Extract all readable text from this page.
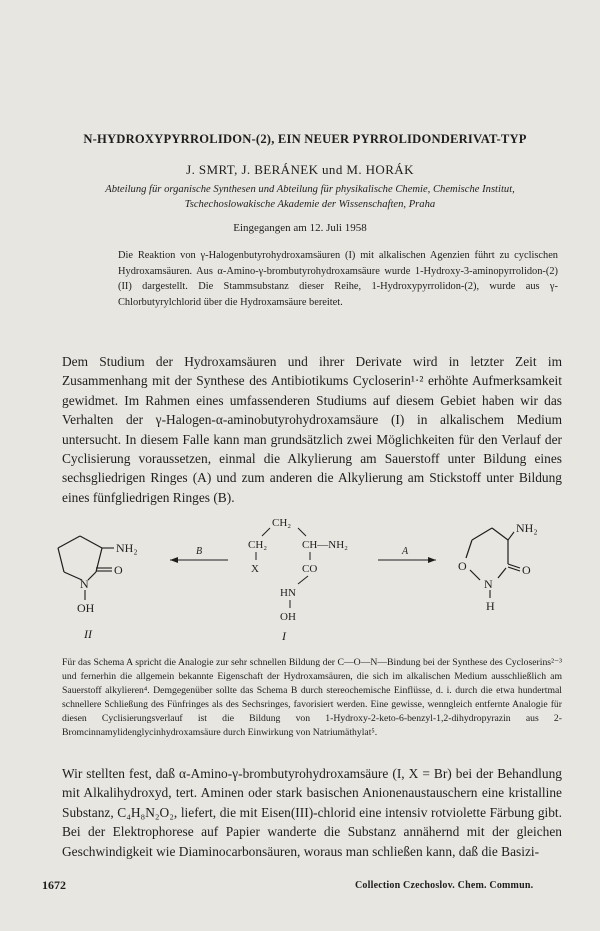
N-HYDROXYPYRROLIDON-(2), EIN NEUER PYRROLIDONDERIVAT-TYP
J. SMRT, J. BERÁNEK und M. HORÁK
Abteilung für organische Synthesen und Abteilung für physikalische Chemie, Chemische Institut,
Tschechoslowakische Akademie der Wissenschaften, Praha
Eingegangen am 12. Juli 1958

Die Reaktion von γ-Halogenbutyrohydroxamsäuren (I) mit alkalischen Agenzien führt zu cyclischen Hydroxamsäuren. Aus α-Amino-γ-brombutyrohydroxamsäure wurde 1-Hydroxy-3-aminopyrrolidon-(2) (II) dargestellt. Die Stammsubstanz dieser Reihe, 1-Hydroxypyrrolidon-(2), wurde aus γ-Chlorbutyrylchlorid über die Hydroxamsäure bereitet.

Dem Studium der Hydroxamsäuren und ihrer Derivate wird in letzter Zeit im Zusammenhang mit der Synthese des Antibiotikums Cycloserin¹·² erhöhte Aufmerksamkeit gewidmet. Im Rahmen eines umfassenderen Studiums auf diesem Gebiet haben wir das Verhalten der γ-Halogen-α-aminobutyrohydroxamsäure (I) in alkalischem Medium untersucht. In diesem Falle kann man grundsätzlich zwei Möglichkeiten für den Verlauf der Cyclisierung voraussetzen, einmal die Alkylierung am Sauerstoff unter Bildung eines sechsgliedrigen Ringes (A) und zum anderen die Alkylierung am Stickstoff unter Bildung eines fünfgliedrigen Ringes (B).

NH₂
O
N
OH
II
B
CH₂
CH₂	CH—NH₂
X	CO
HN
OH
I
A
NH₂
O
N
O
H

Für das Schema A spricht die Analogie zur sehr schnellen Bildung der C—O—N—Bindung bei der Synthese des Cycloserins²⁻³ und fernerhin die allgemein bekannte Eigenschaft der Hydroxamsäuren, die sich im alkalischen Medium ausschließlich am Sauerstoff alkylieren⁴. Demgegenüber sollte das Schema B durch stereochemische Einflüsse, d. i. durch die etwa hundertmal schnellere Schließung des Fünfringes als des Sechsringes, favorisiert werden. Eine gewisse, wennglеich entfernte Analogie für diesen Cyclisierungsverlauf ist die Bildung von 1-Hydroxy-2-keto-6-benzyl-1,2-dihydropyrazin aus 2-Bromcinnamylidenglycinhydroxamsäure durch Einwirkung von Natriumäthylat⁵.

Wir stellten fest, daß α-Amino-γ-brombutyrohydroxamsäure (I, X = Br) bei der Behandlung mit Alkalihydroxyd, tert. Aminen oder stark basischen Anionenaustauschern eine kristalline Substanz, C₄H₈N₂O₂, liefert, die mit Eisen(III)-chlorid eine intensiv rotviolette Färbung gibt. Bei der Elektrophorese auf Papier wanderte die Substanz annähernd mit der gleichen Geschwindigkeit wie Diaminocarbonsäuren, woraus man schließen kann, daß die Basizi-

1672	Collection Czechoslov. Chem. Commun.
